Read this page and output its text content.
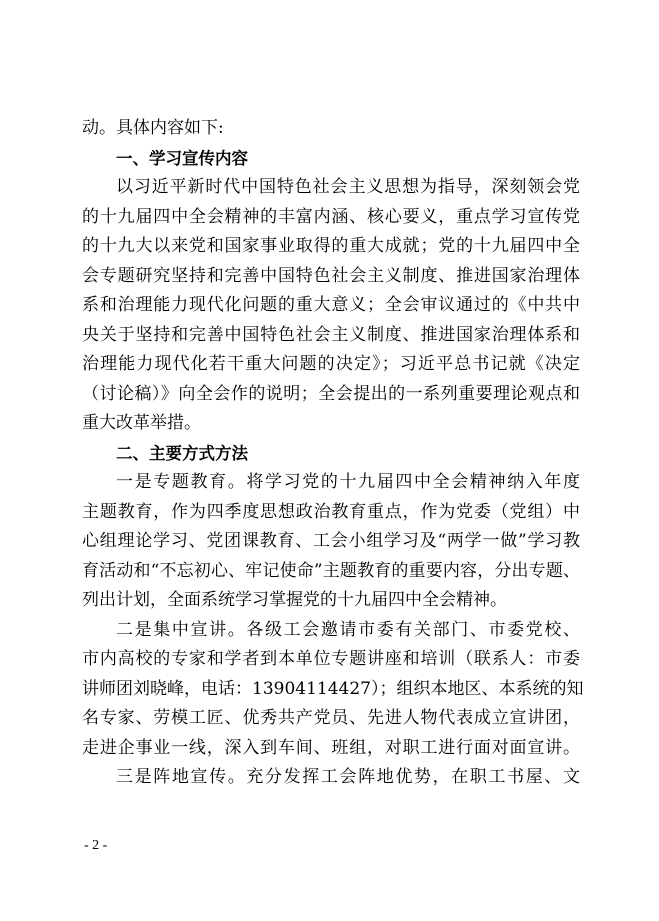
动。具体内容如下:
一、学习宣传内容
以习近平新时代中国特色社会主义思想为指导，深刻领会党
的十九届四中全会精神的丰富内涵、核心要义，重点学习宣传党
的十九大以来党和国家事业取得的重大成就；党的十九届四中全
会专题研究坚持和完善中国特色社会主义制度、推进国家治理体
系和治理能力现代化问题的重大意义；全会审议通过的《中共中
央关于坚持和完善中国特色社会主义制度、推进国家治理体系和
治理能力现代化若干重大问题的决定》；习近平总书记就《决定
（讨论稿）》向全会作的说明；全会提出的一系列重要理论观点和
重大改革举措。
二、主要方式方法
一是专题教育。将学习党的十九届四中全会精神纳入年度
主题教育，作为四季度思想政治教育重点，作为党委（党组）中
心组理论学习、党团课教育、工会小组学习及“两学一做”学习教
育活动和“不忘初心、牢记使命”主题教育的重要内容，分出专题、
列出计划，全面系统学习掌握党的十九届四中全会精神。
二是集中宣讲。各级工会邀请市委有关部门、市委党校、
市内高校的专家和学者到本单位专题讲座和培训（联系人：市委
讲师团刘晓峰，电话：13904114427）；组织本地区、本系统的知
名专家、劳模工匠、优秀共产党员、先进人物代表成立宣讲团，
走进企事业一线，深入到车间、班组，对职工进行面对面宣讲。
三是阵地宣传。充分发挥工会阵地优势，在职工书屋、文
- 2 -
